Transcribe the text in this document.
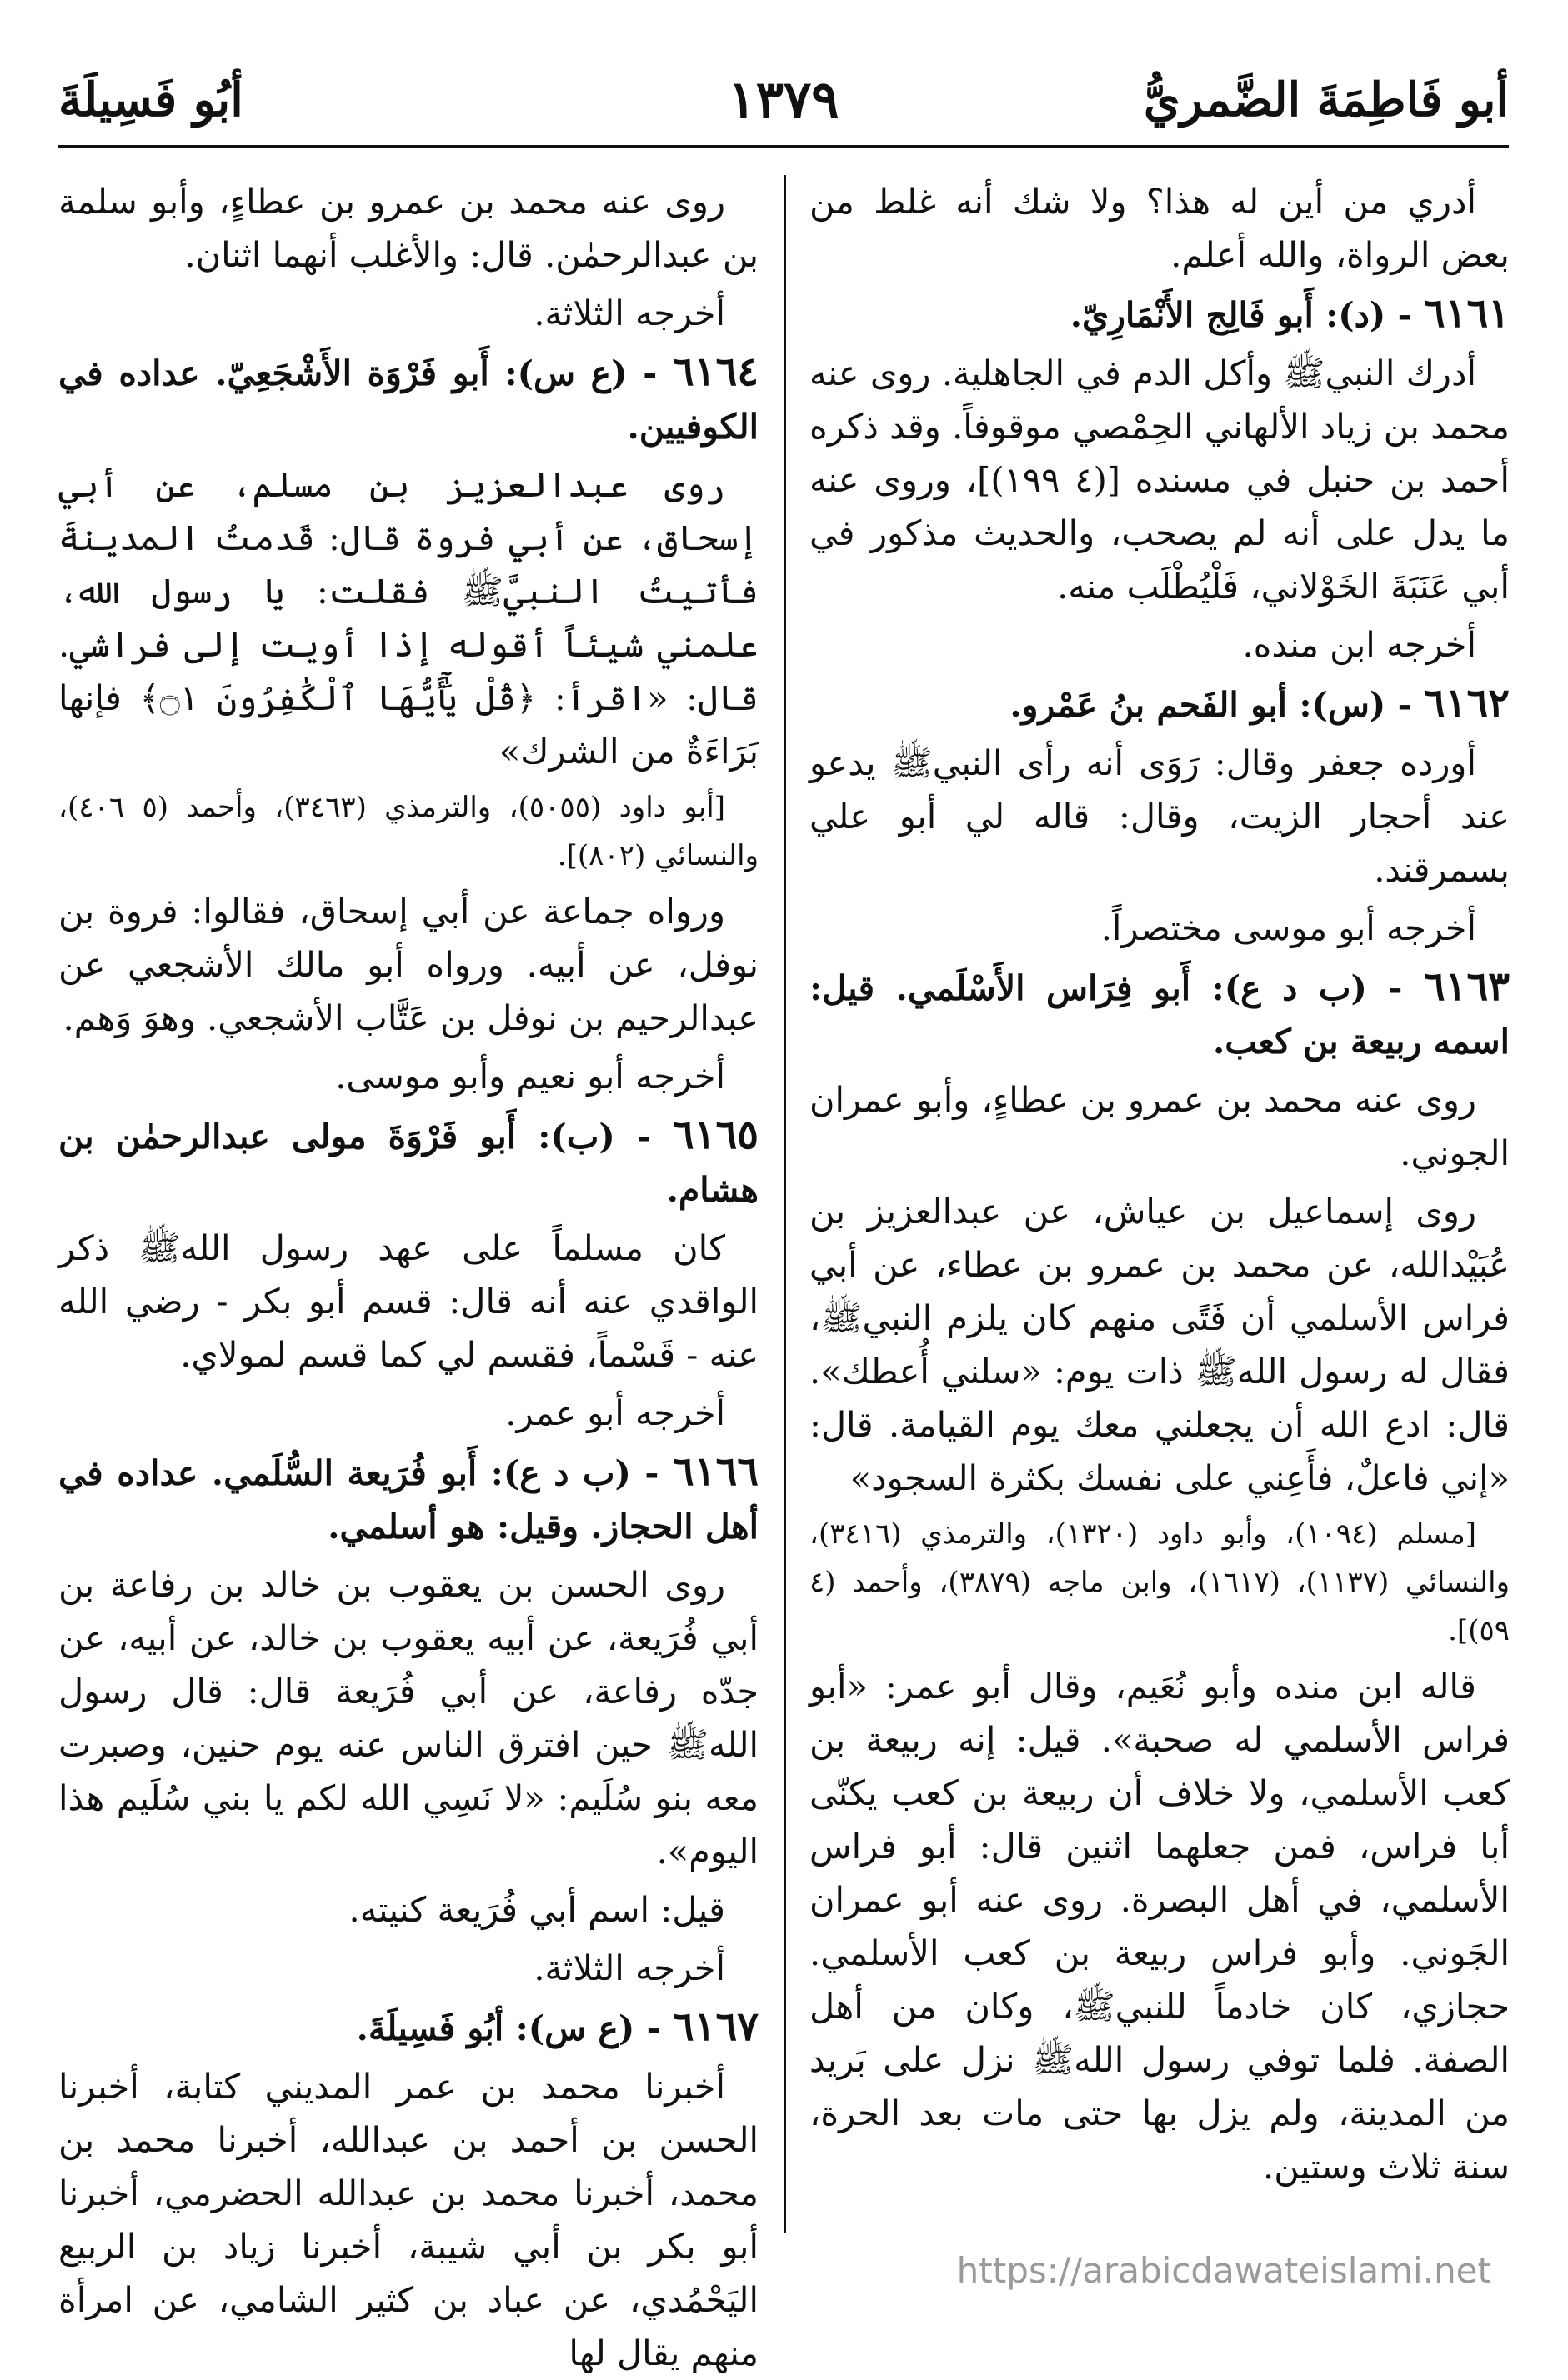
أبو فَاطِمَةَ الضَّمريُّ
١٣٧٩
أبُو فَسِيلَةَ

أدري من أين له هذا؟ ولا شك أنه غلط من بعض الرواة، والله أعلم.

٦١٦١ - (د): أَبو فَالِج الأَنْمَارِيّ.

أدرك النبيﷺ وأكل الدم في الجاهلية. روى عنه محمد بن زياد الألهاني الحِمْصي موقوفاً. وقد ذكره أحمد بن حنبل في مسنده [(٤ ١٩٩)]، وروى عنه ما يدل على أنه لم يصحب، والحديث مذكور في أبي عَنَبَةَ الخَوْلاني، فَلْيُطْلَب منه.

أخرجه ابن منده.

٦١٦٢ - (س): أبو الفَحم بنُ عَمْرو.

أورده جعفر وقال: رَوَى أنه رأى النبيﷺ يدعو عند أحجار الزيت، وقال: قاله لي أبو علي بسمرقند.

أخرجه أبو موسى مختصراً.

٦١٦٣ - (ب د ع): أَبو فِرَاس الأَسْلَمي. قيل: اسمه ربيعة بن كعب.

روى عنه محمد بن عمرو بن عطاءٍ، وأبو عمران الجوني.

روى إسماعيل بن عياش، عن عبدالعزيز بن عُبَيْدالله، عن محمد بن عمرو بن عطاء، عن أبي فراس الأسلمي أن فَتًى منهم كان يلزم النبيﷺ، فقال له رسول اللهﷺ ذات يوم: «سلني أُعطك». قال: ادع الله أن يجعلني معك يوم القيامة. قال: «إني فاعلٌ، فأَعِني على نفسك بكثرة السجود»

[مسلم (١٠٩٤)، وأبو داود (١٣٢٠)، والترمذي (٣٤١٦)، والنسائي (١١٣٧)، (١٦١٧)، وابن ماجه (٣٨٧٩)، وأحمد (٤ ٥٩)].

قاله ابن منده وأبو نُعَيم، وقال أبو عمر: «أبو فراس الأسلمي له صحبة». قيل: إنه ربيعة بن كعب الأسلمي، ولا خلاف أن ربيعة بن كعب يكنّى أبا فراس، فمن جعلهما اثنين قال: أبو فراس الأسلمي، في أهل البصرة. روى عنه أبو عمران الجَوني. وأبو فراس ربيعة بن كعب الأسلمي. حجازي، كان خادماً للنبيﷺ، وكان من أهل الصفة. فلما توفي رسول اللهﷺ نزل على بَريد من المدينة، ولم يزل بها حتى مات بعد الحرة، سنة ثلاث وستين.

روى عنه محمد بن عمرو بن عطاءٍ، وأبو سلمة بن عبدالرحمٰن. قال: والأغلب أنهما اثنان.

أخرجه الثلاثة.

٦١٦٤ - (ع س): أَبو فَرْوَة الأَشْجَعِيّ. عداده في الكوفيين.

روى عبدالعزيز بن مسلم، عن أبي إسحاق، عن أبي فروة قال: قَدمتُ المدينةَ فأتيتُ النبيَّﷺ فقلت: يا رسول الله، علمني شيئاً أقوله إذا أويت إلى فراشي. قال: «اقرأ: ﴿قُلْ يَٰٓأَيُّهَا ٱلْكَٰفِرُونَ ۝١﴾ فإنها بَرَاءَةٌ من الشرك»

[أبو داود (٥٠٥٥)، والترمذي (٣٤٦٣)، وأحمد (٥ ٤٠٦)، والنسائي (٨٠٢)].

ورواه جماعة عن أبي إسحاق، فقالوا: فروة بن نوفل، عن أبيه. ورواه أبو مالك الأشجعي عن عبدالرحيم بن نوفل بن عَتَّاب الأشجعي. وهوَ وَهم.

أخرجه أبو نعيم وأبو موسى.

٦١٦٥ - (ب): أَبو فَرْوَةَ مولى عبدالرحمٰن بن هشام.

كان مسلماً على عهد رسول اللهﷺ ذكر الواقدي عنه أنه قال: قسم أبو بكر - رضي الله عنه - قَسْماً، فقسم لي كما قسم لمولاي.

أخرجه أبو عمر.

٦١٦٦ - (ب د ع): أَبو فُرَيعة السُّلَمي. عداده في أهل الحجاز. وقيل: هو أسلمي.

روى الحسن بن يعقوب بن خالد بن رفاعة بن أبي فُرَيعة، عن أبيه يعقوب بن خالد، عن أبيه، عن جدّه رفاعة، عن أبي فُرَيعة قال: قال رسول اللهﷺ حين افترق الناس عنه يوم حنين، وصبرت معه بنو سُلَيم: «لا نَسِي الله لكم يا بني سُلَيم هذا اليوم».

قيل: اسم أبي فُرَيعة كنيته.

أخرجه الثلاثة.

٦١٦٧ - (ع س): أبُو فَسِيلَةَ.

أخبرنا محمد بن عمر المديني كتابة، أخبرنا الحسن بن أحمد بن عبدالله، أخبرنا محمد بن محمد، أخبرنا محمد بن عبدالله الحضرمي، أخبرنا أبو بكر بن أبي شيبة، أخبرنا زياد بن الربيع اليَحْمُدي، عن عباد بن كثير الشامي، عن امرأة منهم يقال لها

https://arabicdawateislami.net
